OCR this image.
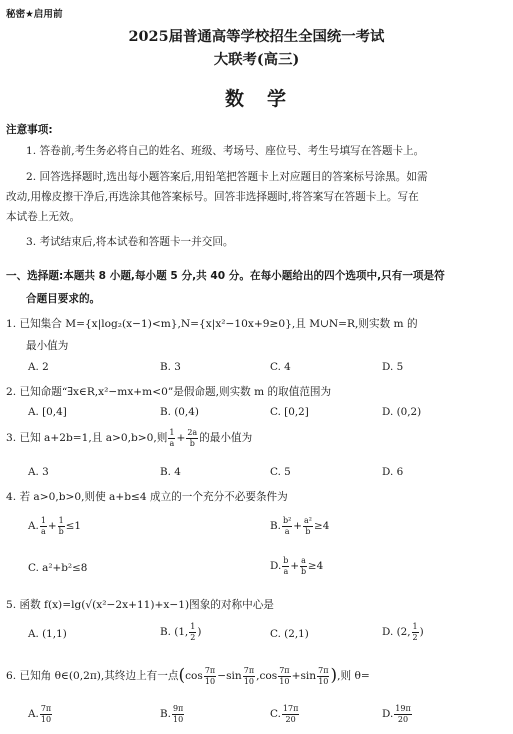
秘密★启用前
2025届普通高等学校招生全国统一考试
大联考(高三)
数　学
注意事项:
1. 答卷前,考生务必将自己的姓名、班级、考场号、座位号、考生号填写在答题卡上。
2. 回答选择题时,选出每小题答案后,用铅笔把答题卡上对应题目的答案标号涂黑。如需
改动,用橡皮擦干净后,再选涂其他答案标号。回答非选择题时,将答案写在答题卡上。写在
本试卷上无效。
3. 考试结束后,将本试卷和答题卡一并交回。
一、选择题:本题共 8 小题,每小题 5 分,共 40 分。在每小题给出的四个选项中,只有一项是符
合题目要求的。
1. 已知集合 M={x|log₂(x−1)<m},N={x|x²−10x+9≥0},且 M∪N=R,则实数 m 的
最小值为
A. 2	B. 3	C. 4	D. 5
2. 已知命题“∃x∈R,x²−mx+m<0”是假命题,则实数 m 的取值范围为
A. [0,4]	B. (0,4)	C. [0,2]	D. (0,2)
3. 已知 a+2b=1,且 a>0,b>0,则 $\frac{1}{a} + \frac{2a}{b}$ 的最小值为
A. 3	B. 4	C. 5	D. 6
4. 若 a>0,b>0,则使 a+b≤4 成立的一个充分不必要条件为
A. $\frac{1}{a} + \frac{1}{b} \le 1$	B. $\frac{\text{b²}}{a} + \frac{\text{a²}}{b} \ge 4$
C. a²+b²≤8	D. $\frac{b}{a} + \frac{a}{b} \ge 4$
5. 函数 f(x)=lg(√(x²−2x+11)+x−1)图象的对称中心是
A. (1,1)	B. (1, $\frac{1}{2}$ )	C. (2,1)	D. (2, $\frac{1}{2}$ )
6. 已知角 θ∈(0,2π),其终边上有一点($\cos \frac{7\pi}{10} -\sin \frac{7\pi}{10} ,\cos \frac{7\pi}{10} +\sin \frac{7\pi}{10}$ ),则 θ=
A. $\frac{7\pi}{10}$	B. $\frac{9\pi}{10}$	C. $\frac{17\pi}{20}$	D. $\frac{19\pi}{20}$
